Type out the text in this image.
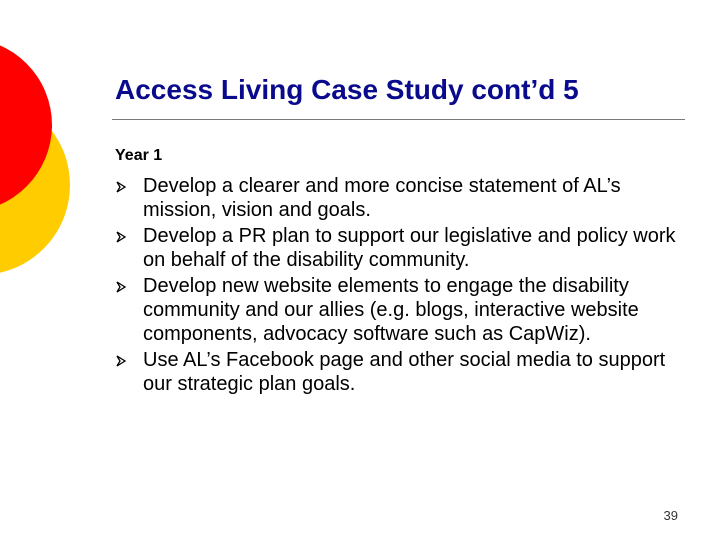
Access Living Case Study cont’d 5

Year 1

Develop a clearer and more concise statement of AL’s mission, vision and goals.
Develop a PR plan to support our legislative and policy work on behalf of the disability community.
Develop new website elements to engage the disability community and our allies (e.g. blogs, interactive website components, advocacy software such as CapWiz).
Use AL’s Facebook page and other social media to support our strategic plan goals.
39
